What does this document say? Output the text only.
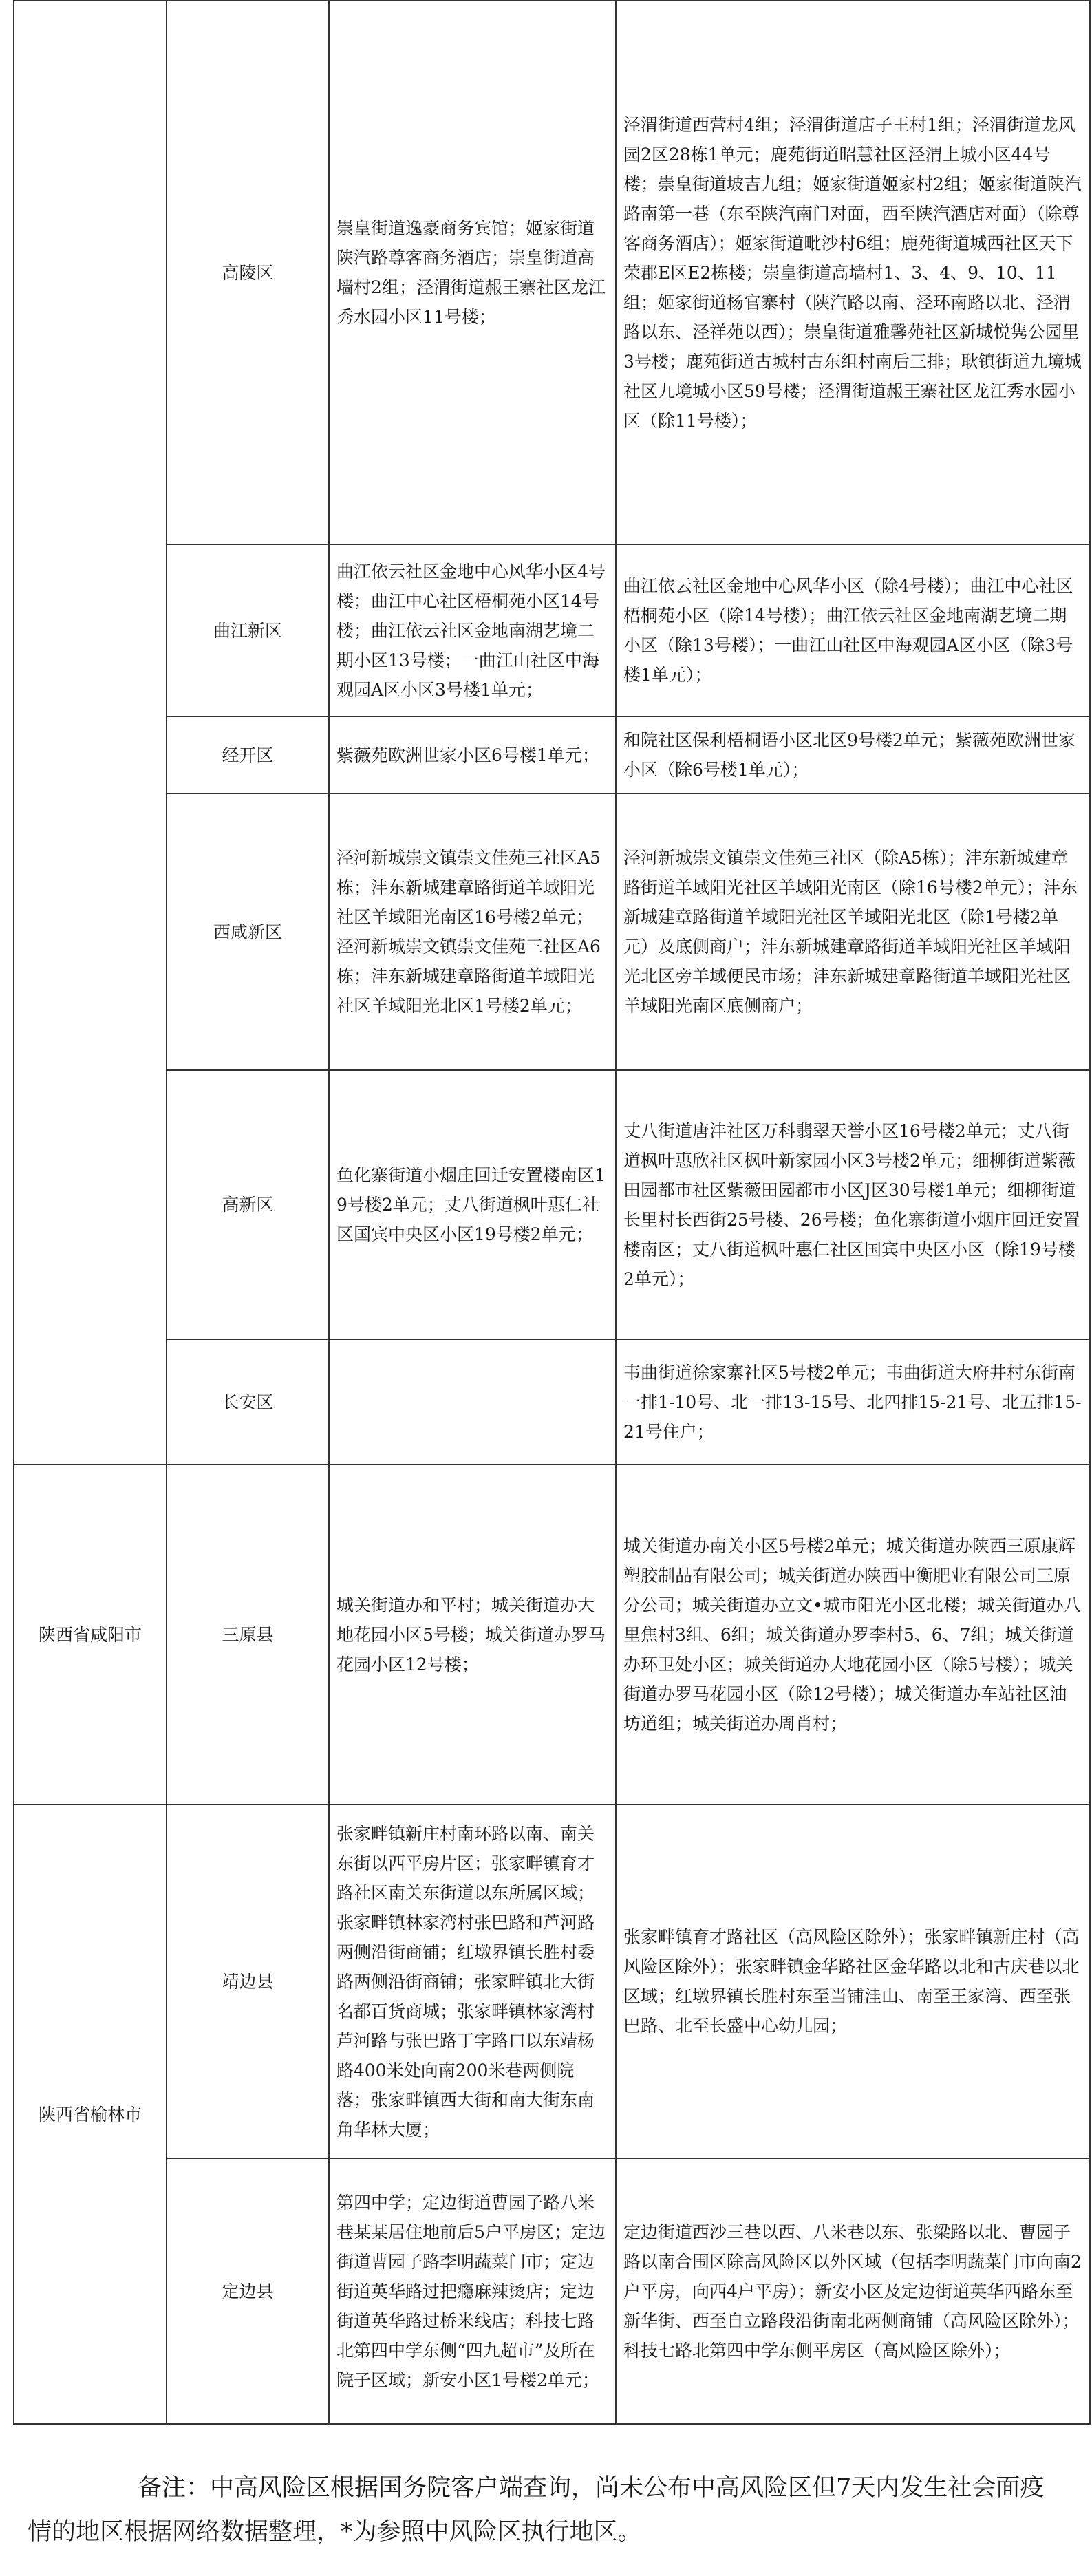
	高陵区	崇皇街道逸豪商务宾馆；姬家街道陕汽路尊客商务酒店；崇皇街道高墙村2组；泾渭街道赧王寨社区龙江秀水园小区11号楼；	泾渭街道西营村4组；泾渭街道店子王村1组；泾渭街道龙风园2区28栋1单元；鹿苑街道昭慧社区泾渭上城小区44号楼；崇皇街道坡吉九组；姬家街道姬家村2组；姬家街道陕汽路南第一巷（东至陕汽南门对面，西至陕汽酒店对面）（除尊客商务酒店）；姬家街道毗沙村6组；鹿苑街道城西社区天下荣郡E区E2栋楼；崇皇街道高墙村1、3、4、9、10、11组；姬家街道杨官寨村（陕汽路以南、泾环南路以北、泾渭路以东、泾祥苑以西）；崇皇街道雅馨苑社区新城悦隽公园里3号楼；鹿苑街道古城村古东组村南后三排；耿镇街道九境城社区九境城小区59号楼；泾渭街道赧王寨社区龙江秀水园小区（除11号楼）；
	曲江新区	曲江依云社区金地中心风华小区4号楼；曲江中心社区梧桐苑小区14号楼；曲江依云社区金地南湖艺境二期小区13号楼；一曲江山社区中海观园A区小区3号楼1单元；	曲江依云社区金地中心风华小区（除4号楼）；曲江中心社区梧桐苑小区（除14号楼）；曲江依云社区金地南湖艺境二期小区（除13号楼）；一曲江山社区中海观园A区小区（除3号楼1单元）；
	经开区	紫薇苑欧洲世家小区6号楼1单元；	和院社区保利梧桐语小区北区9号楼2单元；紫薇苑欧洲世家小区（除6号楼1单元）；
	西咸新区	泾河新城崇文镇崇文佳苑三社区A5栋；沣东新城建章路街道羊域阳光社区羊域阳光南区16号楼2单元；泾河新城崇文镇崇文佳苑三社区A6栋；沣东新城建章路街道羊域阳光社区羊域阳光北区1号楼2单元；	泾河新城崇文镇崇文佳苑三社区（除A5栋）；沣东新城建章路街道羊域阳光社区羊域阳光南区（除16号楼2单元）；沣东新城建章路街道羊域阳光社区羊域阳光北区（除1号楼2单元）及底侧商户；沣东新城建章路街道羊域阳光社区羊域阳光北区旁羊域便民市场；沣东新城建章路街道羊域阳光社区羊域阳光南区底侧商户；
	高新区	鱼化寨街道小烟庄回迁安置楼南区19号楼2单元；丈八街道枫叶惠仁社区国宾中央区小区19号楼2单元；	丈八街道唐沣社区万科翡翠天誉小区16号楼2单元；丈八街道枫叶惠欣社区枫叶新家园小区3号楼2单元；细柳街道紫薇田园都市社区紫薇田园都市小区J区30号楼1单元；细柳街道长里村长西街25号楼、26号楼；鱼化寨街道小烟庄回迁安置楼南区；丈八街道枫叶惠仁社区国宾中央区小区（除19号楼2单元）；
	长安区		韦曲街道徐家寨社区5号楼2单元；韦曲街道大府井村东街南一排1-10号、北一排13-15号、北四排15-21号、北五排15-21号住户；
陕西省咸阳市	三原县	城关街道办和平村；城关街道办大地花园小区5号楼；城关街道办罗马花园小区12号楼；	城关街道办南关小区5号楼2单元；城关街道办陕西三原康辉塑胶制品有限公司；城关街道办陕西中衡肥业有限公司三原分公司；城关街道办立文•城市阳光小区北楼；城关街道办八里焦村3组、6组；城关街道办罗李村5、6、7组；城关街道办环卫处小区；城关街道办大地花园小区（除5号楼）；城关街道办罗马花园小区（除12号楼）；城关街道办车站社区油坊道组；城关街道办周肖村；
陕西省榆林市	靖边县	张家畔镇新庄村南环路以南、南关东街以西平房片区；张家畔镇育才路社区南关东街道以东所属区域；张家畔镇林家湾村张巴路和芦河路两侧沿街商铺；红墩界镇长胜村委路两侧沿街商铺；张家畔镇北大街名都百货商城；张家畔镇林家湾村芦河路与张巴路丁字路口以东靖杨路400米处向南200米巷两侧院落；张家畔镇西大街和南大街东南角华林大厦；	张家畔镇育才路社区（高风险区除外）；张家畔镇新庄村（高风险区除外）；张家畔镇金华路社区金华路以北和古庆巷以北区域；红墩界镇长胜村东至当铺洼山、南至王家湾、西至张巴路、北至长盛中心幼儿园；
	定边县	第四中学；定边街道曹园子路八米巷某某居住地前后5户平房区；定边街道曹园子路李明蔬菜门市；定边街道英华路过把瘾麻辣烫店；定边街道英华路过桥米线店；科技七路北第四中学东侧“四九超市”及所在院子区域；新安小区1号楼2单元；	定边街道西沙三巷以西、八米巷以东、张梁路以北、曹园子路以南合围区除高风险区以外区域（包括李明蔬菜门市向南2户平房，向西4户平房）；新安小区及定边街道英华西路东至新华街、西至自立路段沿街南北两侧商铺（高风险区除外）；科技七路北第四中学东侧平房区（高风险区除外）；

备注：中高风险区根据国务院客户端查询，尚未公布中高风险区但7天内发生社会面疫情的地区根据网络数据整理，*为参照中风险区执行地区。
